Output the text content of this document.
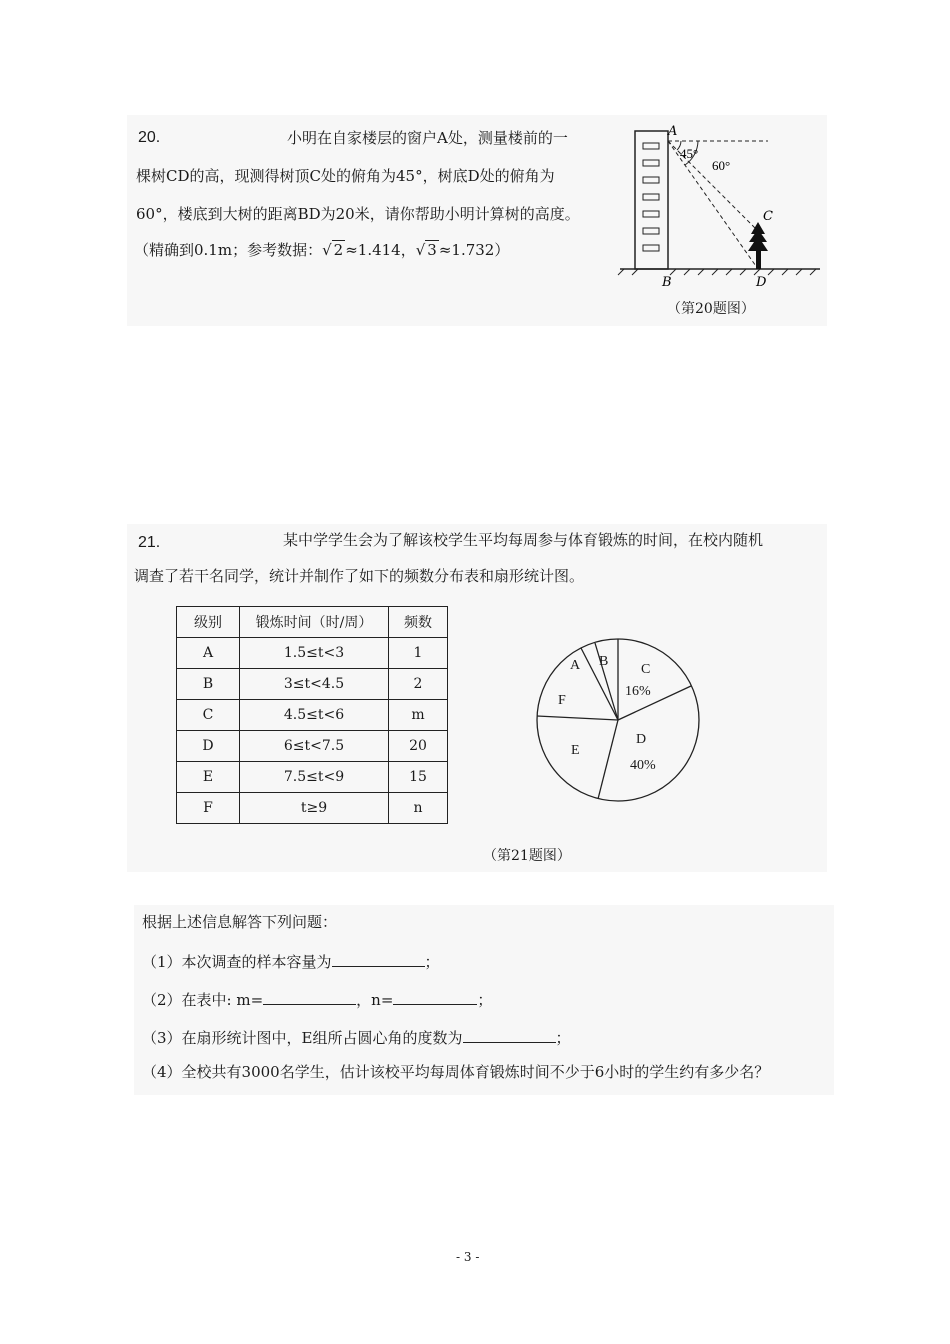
20.	小明在自家楼层的窗户A处，测量楼前的一
棵树CD的高，现测得树顶C处的俯角为45°，树底D处的俯角为
60°，楼底到大树的距离BD为20米，请你帮助小明计算树的高度。
（精确到0.1m；参考数据：√ 2 ≈1.414，√ 3 ≈1.732）
A
45°
60°
C
B	D
（第20题图）
21.	某中学学生会为了解该校学生平均每周参与体育锻炼的时间，在校内随机
调查了若干名同学，统计并制作了如下的频数分布表和扇形统计图。
级别	锻炼时间（时/周）	频数
A	1.5≤t<3	1
B	3≤t<4.5	2
C	4.5≤t<6	m
D	6≤t<7.5	20
E	7.5≤t<9	15
F	t≥9	n
A B
C
16%
D
40%
E
F
（第21题图）
根据上述信息解答下列问题：
（1）本次调查的样本容量为	；
（2）在表中: m=	，n=	；
（3）在扇形统计图中，E组所占圆心角的度数为	；
（4）全校共有3000名学生，估计该校平均每周体育锻炼时间不少于6小时的学生约有多少名？
- 3 -
